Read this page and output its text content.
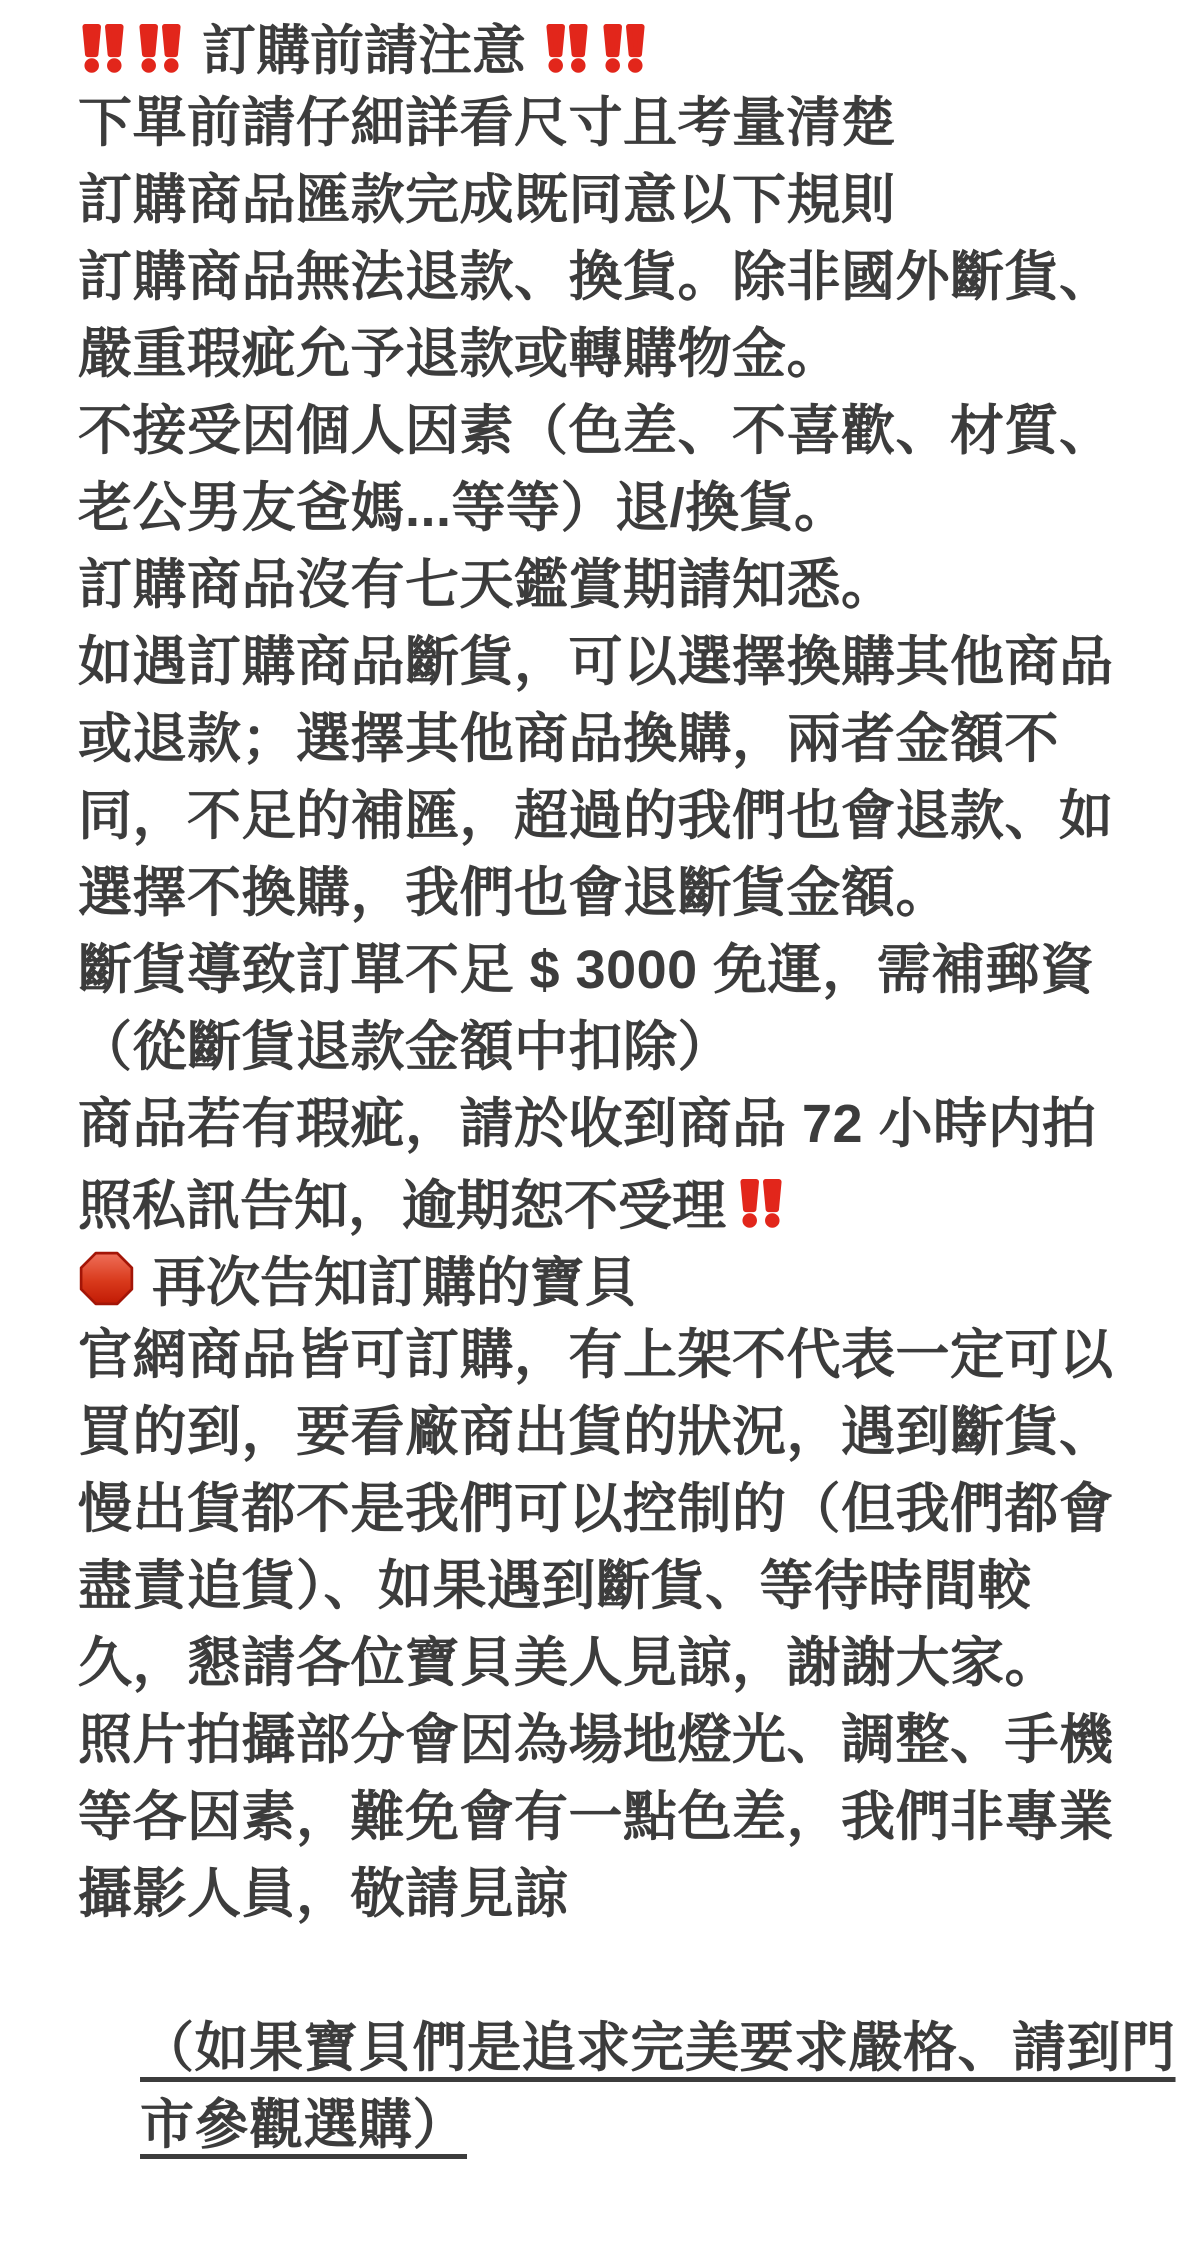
訂購前請注意
下單前請仔細詳看尺寸且考量清楚
訂購商品匯款完成既同意以下規則
訂購商品無法退款、換貨。除非國外斷貨、
嚴重瑕疵允予退款或轉購物金。
不接受因個人因素（色差、不喜歡、材質、
老公男友爸媽...等等）退/換貨。
訂購商品沒有七天鑑賞期請知悉。
如遇訂購商品斷貨，可以選擇換購其他商品
或退款；選擇其他商品換購，兩者金額不
同，不足的補匯，超過的我們也會退款、如
選擇不換購，我們也會退斷貨金額。
斷貨導致訂單不足 $ 3000 免運，需補郵資
（從斷貨退款金額中扣除）
商品若有瑕疵，請於收到商品 72 小時内拍
照私訊告知，逾期恕不受理
再次告知訂購的寶貝
官網商品皆可訂購，有上架不代表一定可以
買的到，要看廠商出貨的狀況，遇到斷貨、
慢出貨都不是我們可以控制的（但我們都會
盡責追貨）、如果遇到斷貨、等待時間較
久，懇請各位寶貝美人見諒，謝謝大家。
照片拍攝部分會因為場地燈光、調整、手機
等各因素，難免會有一點色差，我們非專業
攝影人員，敬請見諒

（如果寶貝們是追求完美要求嚴格、請到門

市參觀選購）
